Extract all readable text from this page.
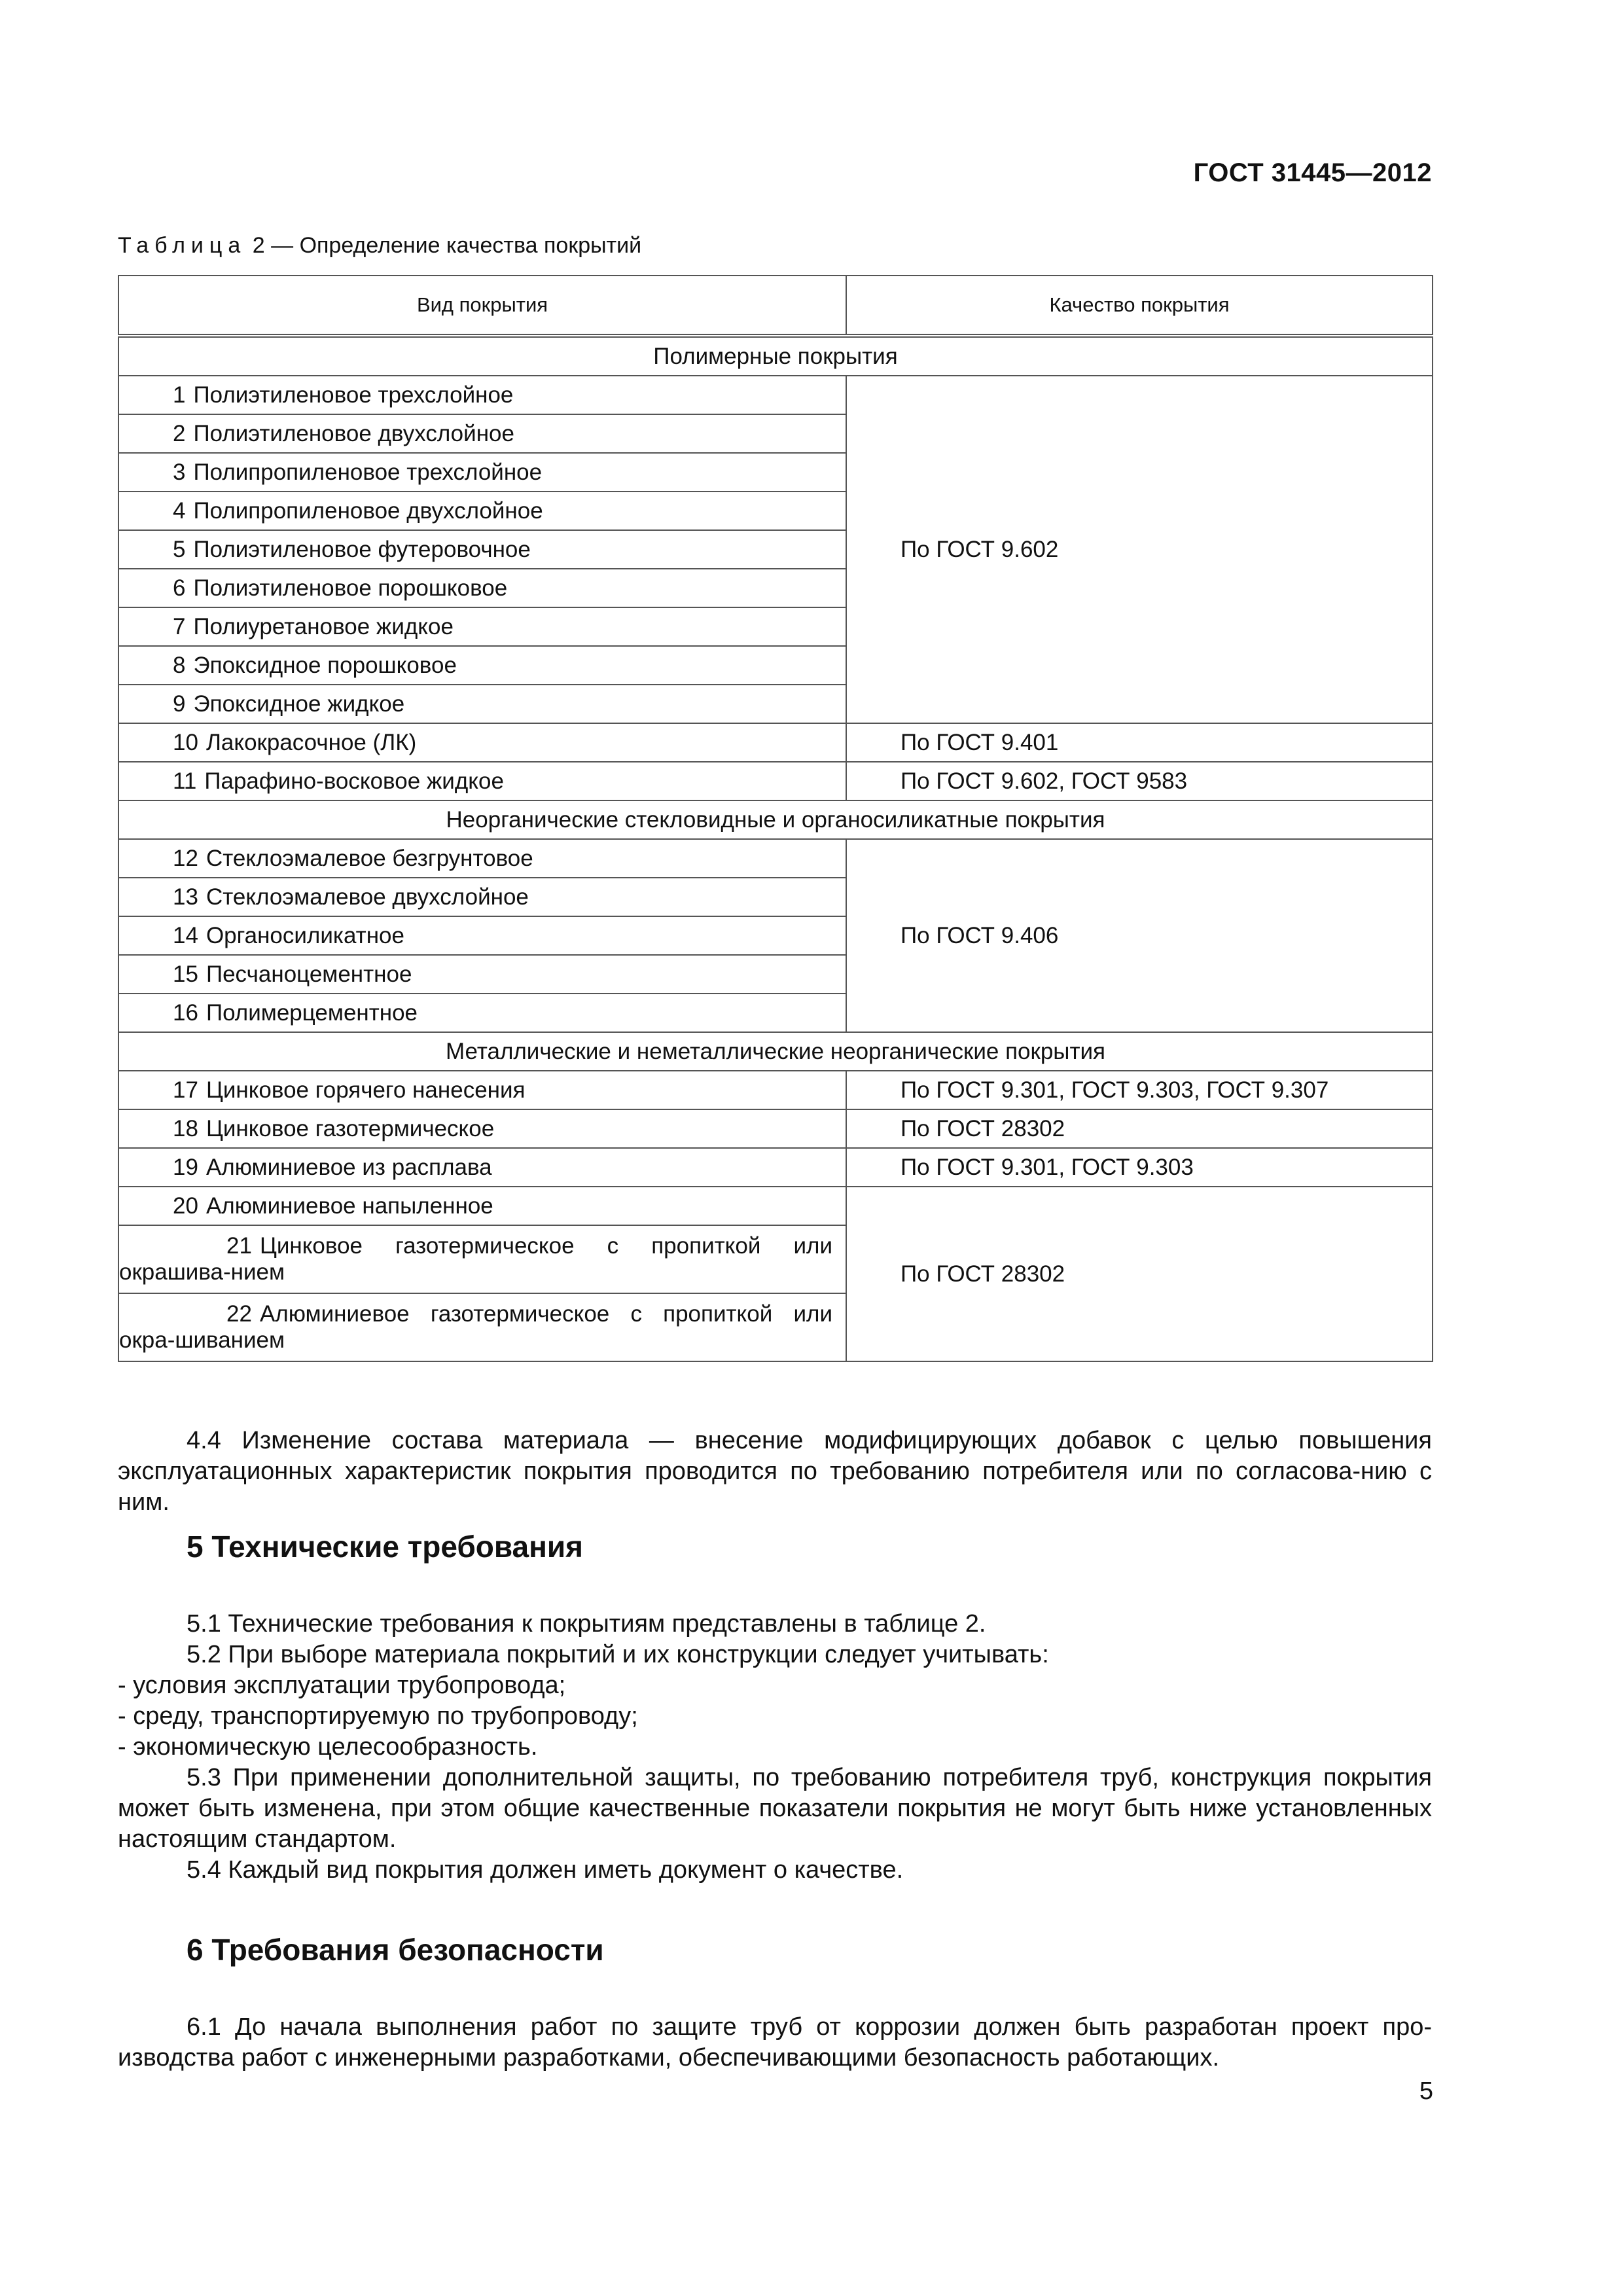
ГОСТ 31445—2012
Таблица 2 — Определение качества покрытий
Вид покрытия	Качество покрытия
Полимерные покрытия	
1 Полиэтиленовое трехслойное	По ГОСТ 9.602
2 Полиэтиленовое двухслойное	
3 Полипропиленовое трехслойное	
4 Полипропиленовое двухслойное	
5 Полиэтиленовое футеровочное	
6 Полиэтиленовое порошковое	
7 Полиуретановое жидкое	
8 Эпоксидное порошковое	
9 Эпоксидное жидкое	
10 Лакокрасочное (ЛК)	По ГОСТ 9.401
11 Парафино-восковое жидкое	По ГОСТ 9.602, ГОСТ 9583
Неорганические стекловидные и органосиликатные покрытия	
12 Стеклоэмалевое безгрунтовое	По ГОСТ 9.406
13 Стеклоэмалевое двухслойное	
14 Органосиликатное	
15 Песчаноцементное	
16 Полимерцементное	
Металлические и неметаллические неорганические покрытия	
17 Цинковое горячего нанесения	По ГОСТ 9.301, ГОСТ 9.303, ГОСТ 9.307
18 Цинковое газотермическое	По ГОСТ 28302
19 Алюминиевое из расплава	По ГОСТ 9.301, ГОСТ 9.303
20 Алюминиевое напыленное	По ГОСТ 28302

21 Цинковое газотермическое с пропиткой или окрашива-нием	

22 Алюминиевое газотермическое с пропиткой или окра-шиванием	

4.4 Изменение состава материала — внесение модифицирующих добавок с целью повышения эксплуатационных характеристик покрытия проводится по требованию потребителя или по согласова-нию с ним.

5 Технические требования

5.1 Технические требования к покрытиям представлены в таблице 2.

5.2 При выборе материала покрытий и их конструкции следует учитывать:

- условия эксплуатации трубопровода;

- среду, транспортируемую по трубопроводу;

- экономическую целесообразность.

5.3 При применении дополнительной защиты, по требованию потребителя труб, конструкция покрытия может быть изменена, при этом общие качественные показатели покрытия не могут быть ниже установленных настоящим стандартом.

5.4 Каждый вид покрытия должен иметь документ о качестве.

6 Требования безопасности

6.1 До начала выполнения работ по защите труб от коррозии должен быть разработан проект про-изводства работ с инженерными разработками, обеспечивающими безопасность работающих.

5
